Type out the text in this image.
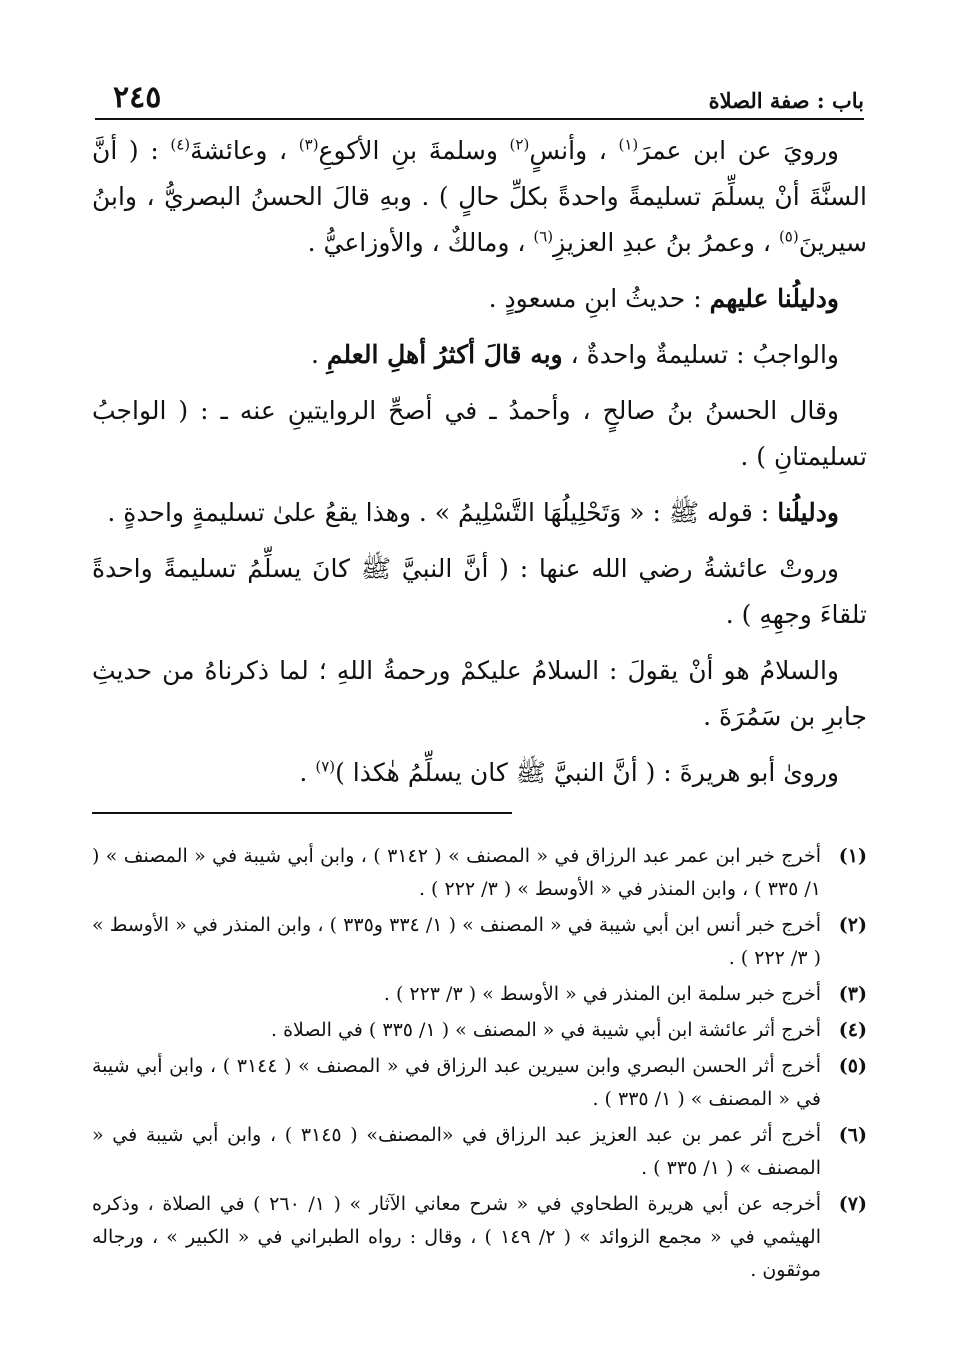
باب : صفة الصلاة
٢٤٥

ورويَ عن ابن عمرَ$^{(١)}$ ، وأنسٍ$^{(٢)}$ وسلمةَ بنِ الأكوعِ$^{(٣)}$ ، وعائشةَ$^{(٤)}$ : ( أنَّ السنَّةَ أنْ يسلِّمَ تسليمةً واحدةً بكلِّ حالٍ ) . وبهِ قالَ الحسنُ البصريُّ ، وابنُ سيرينَ$^{(٥)}$ ، وعمرُ بنُ عبدِ العزيزِ$^{(٦)}$ ، ومالكٌ ، والأوزاعيُّ .

ودليلُنا عليهم : حديثُ ابنِ مسعودٍ .

والواجبُ : تسليمةٌ واحدةٌ ، وبه قالَ أكثرُ أهلِ العلمِ .

وقال الحسنُ بنُ صالحٍ ، وأحمدُ ـ في أصحِّ الروايتينِ عنه ـ : ( الواجبُ تسليمتانِ ) .

ودليلُنا : قوله ﷺ : « وَتَحْلِيلُهَا التَّسْلِيمُ » . وهذا يقعُ علىٰ تسليمةٍ واحدةٍ .

وروتْ عائشةُ رضي الله عنها : ( أنَّ النبيَّ ﷺ كانَ يسلِّمُ تسليمةً واحدةً تلقاءَ وجهِهِ ) .

والسلامُ هو أنْ يقولَ : السلامُ عليكمْ ورحمةُ اللهِ ؛ لما ذكرناهُ من حديثِ جابرِ بن سَمُرَةَ .

وروىٰ أبو هريرةَ : ( أنَّ النبيَّ ﷺ كان يسلِّمُ هٰكذا )$^{(٧)}$ .

(١)
أخرج خبر ابن عمر عبد الرزاق في « المصنف » ( ٣١٤٢ ) ، وابن أبي شيبة في « المصنف » ( ١/ ٣٣٥ ) ، وابن المنذر في « الأوسط » ( ٣/ ٢٢٢ ) .
(٢)
أخرج خبر أنس ابن أبي شيبة في « المصنف » ( ١/ ٣٣٤ و٣٣٥ ) ، وابن المنذر في « الأوسط » ( ٣/ ٢٢٢ ) .
(٣)
أخرج خبر سلمة ابن المنذر في « الأوسط » ( ٣/ ٢٢٣ ) .
(٤)
أخرج أثر عائشة ابن أبي شيبة في « المصنف » ( ١/ ٣٣٥ ) في الصلاة .
(٥)
أخرج أثر الحسن البصري وابن سيرين عبد الرزاق في « المصنف » ( ٣١٤٤ ) ، وابن أبي شيبة في « المصنف » ( ١/ ٣٣٥ ) .
(٦)
أخرج أثر عمر بن عبد العزيز عبد الرزاق في «المصنف» ( ٣١٤٥ ) ، وابن أبي شيبة في « المصنف » ( ١/ ٣٣٥ ) .
(٧)
أخرجه عن أبي هريرة الطحاوي في « شرح معاني الآثار » ( ١/ ٢٦٠ ) في الصلاة ، وذكره الهيثمي في « مجمع الزوائد » ( ٢/ ١٤٩ ) ، وقال : رواه الطبراني في « الكبير » ، ورجاله موثقون .
